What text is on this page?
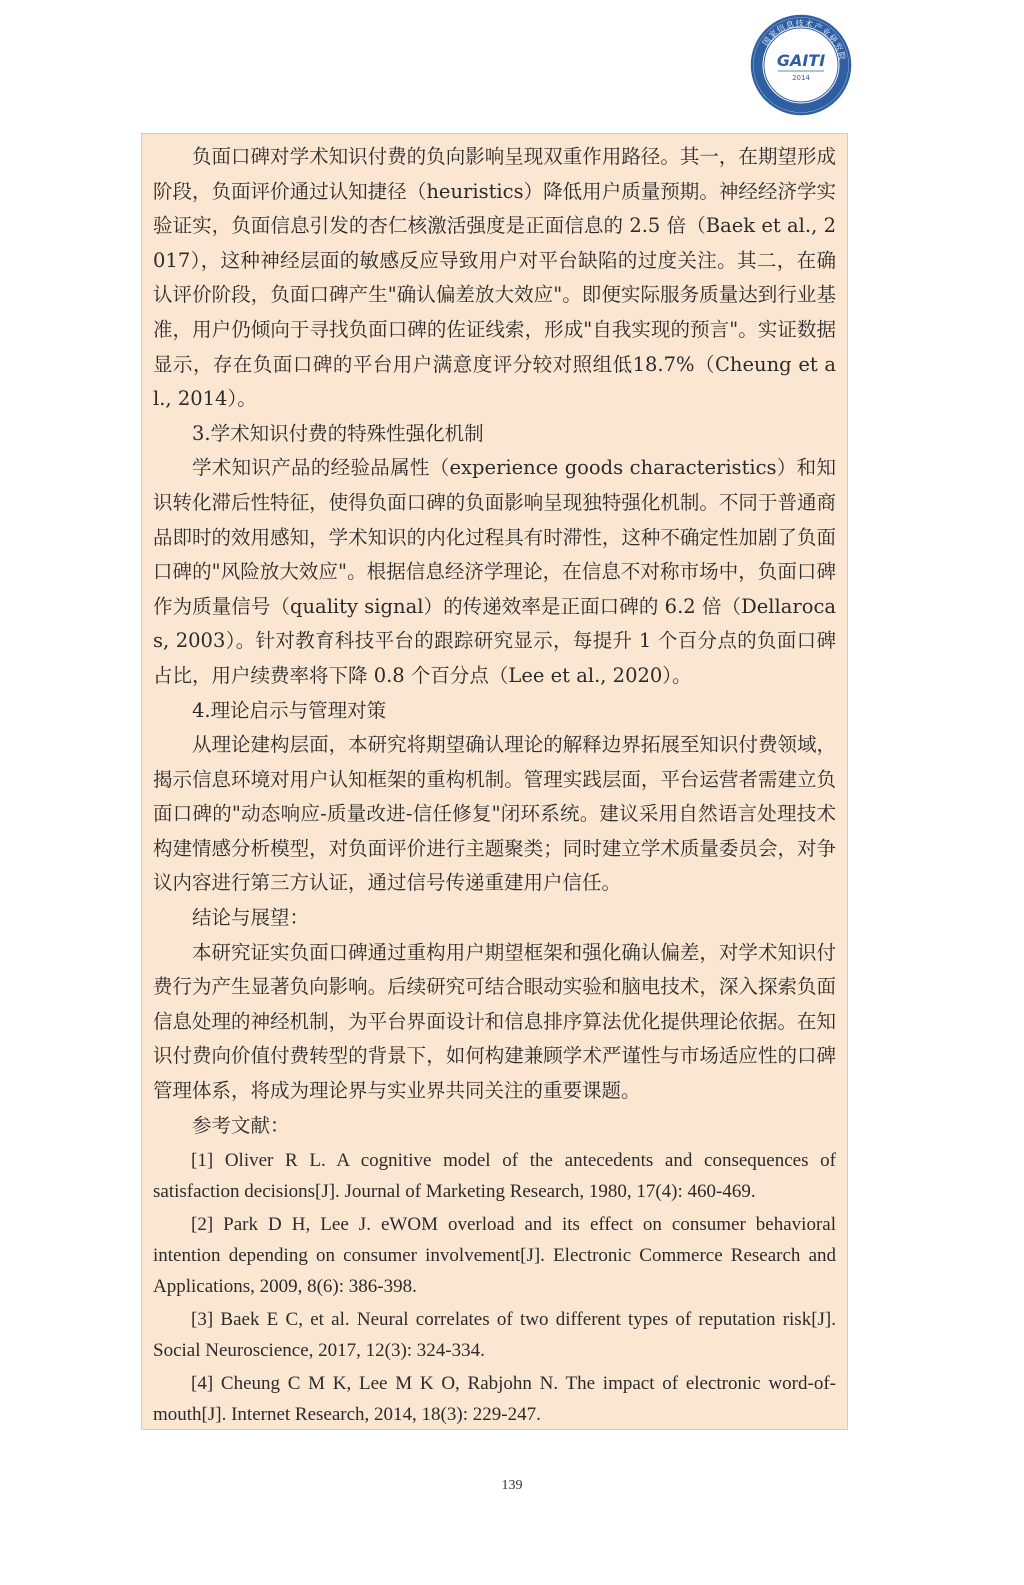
国家信息技术产业研究院
GAITI
2014

负面口碑对学术知识付费的负向影响呈现双重作用路径。其一，在期望形成阶段，负面评价通过认知捷径（heuristics）降低用户质量预期。神经经济学实验证实，负面信息引发的杏仁核激活强度是正面信息的 2.5 倍（Baek et al., 2017），这种神经层面的敏感反应导致用户对平台缺陷的过度关注。其二，在确认评价阶段，负面口碑产生"确认偏差放大效应"。即便实际服务质量达到行业基准，用户仍倾向于寻找负面口碑的佐证线索，形成"自我实现的预言"。实证数据显示，存在负面口碑的平台用户满意度评分较对照组低18.7%（Cheung et al., 2014）。

3.学术知识付费的特殊性强化机制

学术知识产品的经验品属性（experience goods characteristics）和知识转化滞后性特征，使得负面口碑的负面影响呈现独特强化机制。不同于普通商品即时的效用感知，学术知识的内化过程具有时滞性，这种不确定性加剧了负面口碑的"风险放大效应"。根据信息经济学理论，在信息不对称市场中，负面口碑作为质量信号（quality signal）的传递效率是正面口碑的 6.2 倍（Dellarocas, 2003）。针对教育科技平台的跟踪研究显示，每提升 1 个百分点的负面口碑占比，用户续费率将下降 0.8 个百分点（Lee et al., 2020）。

4.理论启示与管理对策

从理论建构层面，本研究将期望确认理论的解释边界拓展至知识付费领域，揭示信息环境对用户认知框架的重构机制。管理实践层面，平台运营者需建立负面口碑的"动态响应-质量改进-信任修复"闭环系统。建议采用自然语言处理技术构建情感分析模型，对负面评价进行主题聚类；同时建立学术质量委员会，对争议内容进行第三方认证，通过信号传递重建用户信任。

结论与展望：

本研究证实负面口碑通过重构用户期望框架和强化确认偏差，对学术知识付费行为产生显著负向影响。后续研究可结合眼动实验和脑电技术，深入探索负面信息处理的神经机制，为平台界面设计和信息排序算法优化提供理论依据。在知识付费向价值付费转型的背景下，如何构建兼顾学术严谨性与市场适应性的口碑管理体系，将成为理论界与实业界共同关注的重要课题。

参考文献：

[1] Oliver R L. A cognitive model of the antecedents and consequences of satisfaction decisions[J]. Journal of Marketing Research, 1980, 17(4): 460-469.

[2] Park D H, Lee J. eWOM overload and its effect on consumer behavioral intention depending on consumer involvement[J]. Electronic Commerce Research and Applications, 2009, 8(6): 386-398.

[3] Baek E C, et al. Neural correlates of two different types of reputation risk[J]. Social Neuroscience, 2017, 12(3): 324-334.

[4] Cheung C M K, Lee M K O, Rabjohn N. The impact of electronic word-of-mouth[J]. Internet Research, 2014, 18(3): 229-247.

139
